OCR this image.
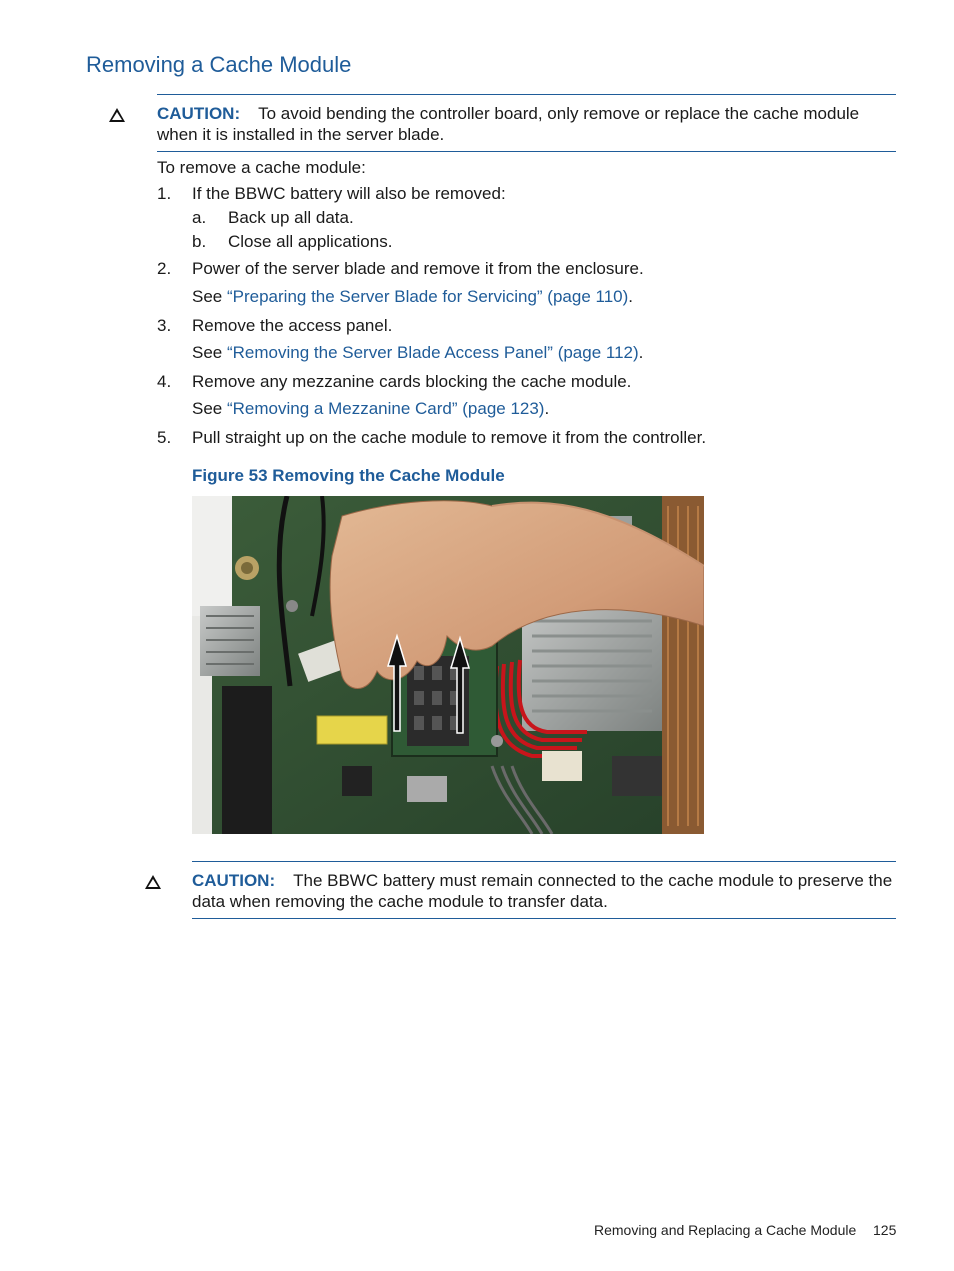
Removing a Cache Module
CAUTION: To avoid bending the controller board, only remove or replace the cache module when it is installed in the server blade.
To remove a cache module:
1. If the BBWC battery will also be removed:
a. Back up all data.
b. Close all applications.
2. Power of the server blade and remove it from the enclosure.
See “Preparing the Server Blade for Servicing” (page 110).
3. Remove the access panel.
See “Removing the Server Blade Access Panel” (page 112).
4. Remove any mezzanine cards blocking the cache module.
See “Removing a Mezzanine Card” (page 123).
5. Pull straight up on the cache module to remove it from the controller.
Figure 53 Removing the Cache Module
CAUTION: The BBWC battery must remain connected to the cache module to preserve the data when removing the cache module to transfer data.
Removing and Replacing a Cache Module 125
